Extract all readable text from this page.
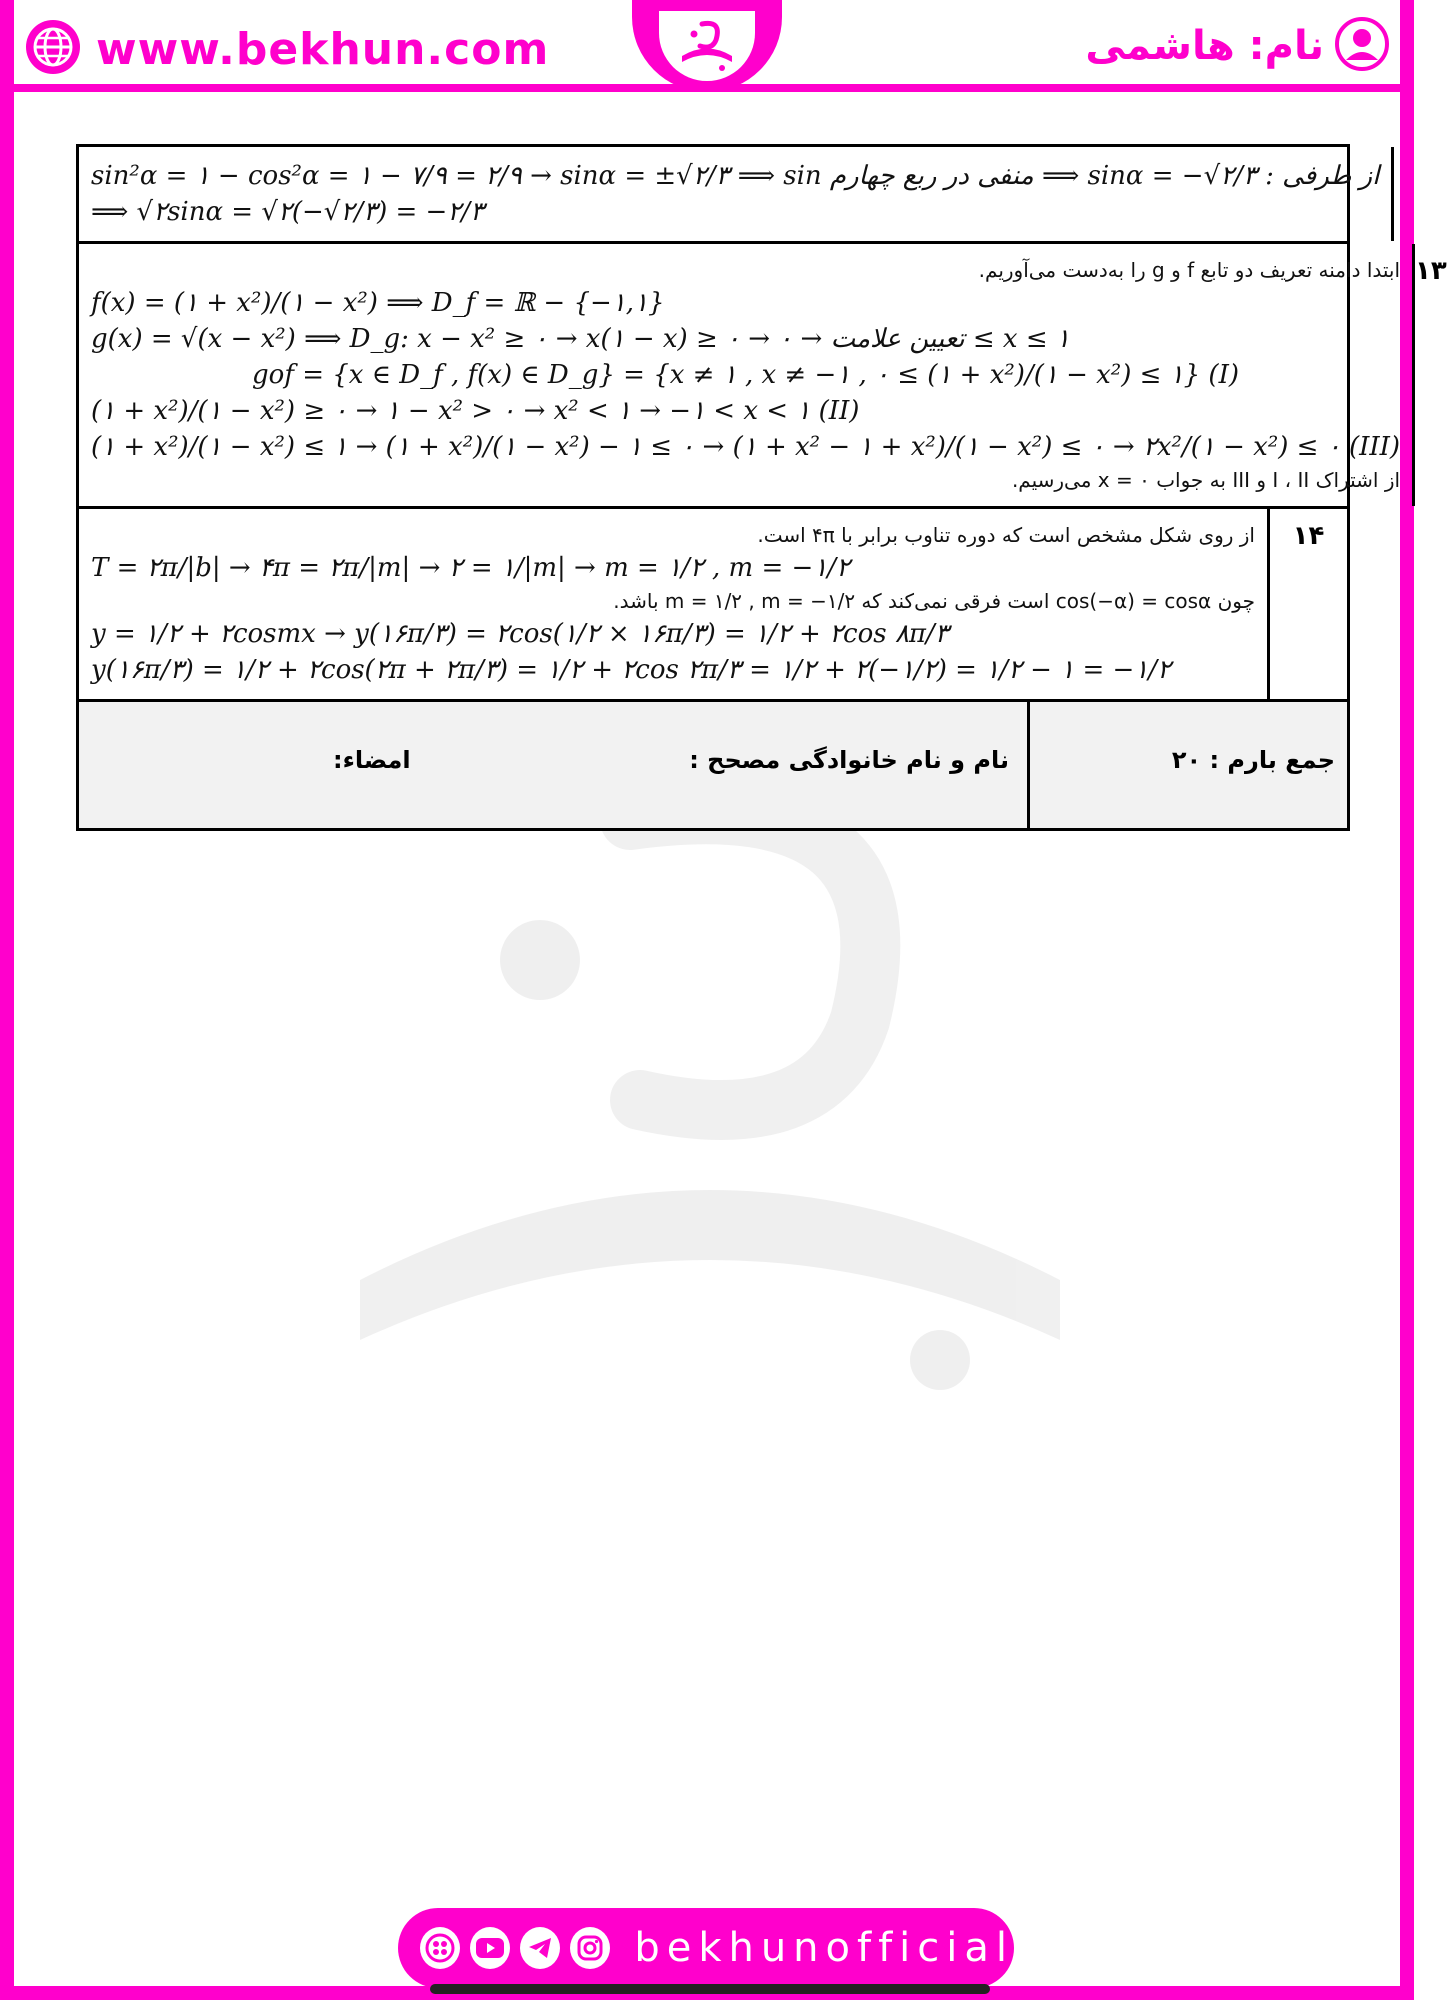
www.bekhun.com	نام: هاشمی
sin²α = ۱ − cos²α = ۱ − ۷/۹ = ۲/۹ → sinα = ±√۲/۳ ⟹ sin منفی در ربع چهارم ⟹ sinα = −√۲/۳ : از طرفی
⟹ √۲sinα = √۲(−√۲/۳) = −۲/۳
ابتدا دامنه تعریف دو تابع f و g را به‌دست می‌آوریم.
f(x) = (۱ + x²)/(۱ − x²) ⟹ D_f = ℝ − {−۱,۱}
g(x) = √(x − x²) ⟹ D_g: x − x² ≥ ۰ → x(۱ − x) ≥ ۰ → تعیین علامت → ۰ ≤ x ≤ ۱
gof = {x ∈ D_f , f(x) ∈ D_g} = {x ≠ ۱ , x ≠ −۱ , ۰ ≤ (۱ + x²)/(۱ − x²) ≤ ۱} (I)
(۱ + x²)/(۱ − x²) ≥ ۰ → ۱ − x² > ۰ → x² < ۱ → −۱ < x < ۱ (II)
(۱ + x²)/(۱ − x²) ≤ ۱ → (۱ + x²)/(۱ − x²) − ۱ ≤ ۰ → (۱ + x² − ۱ + x²)/(۱ − x²) ≤ ۰ → ۲x²/(۱ − x²) ≤ ۰ (III)
از اشتراک I ، II و III به جواب x = ۰ می‌رسیم.
۱۳
از روی شکل مشخص است که دوره تناوب برابر با ۴π است.
T = ۲π/|b| → ۴π = ۲π/|m| → ۲ = ۱/|m| → m = ۱/۲ , m = −۱/۲
چون cos(−α) = cosα است فرقی نمی‌کند که m = ۱/۲ , m = −۱/۲ باشد.
y = ۱/۲ + ۲cosmx → y(۱۶π/۳) = ۲cos(۱/۲ × ۱۶π/۳) = ۱/۲ + ۲cos ۸π/۳
y(۱۶π/۳) = ۱/۲ + ۲cos(۲π + ۲π/۳) = ۱/۲ + ۲cos ۲π/۳ = ۱/۲ + ۲(−۱/۲) = ۱/۲ − ۱ = −۱/۲
۱۴
نام و نام خانوادگی مصحح :
امضاء:	جمع بارم : ۲۰
bekhunofficial
